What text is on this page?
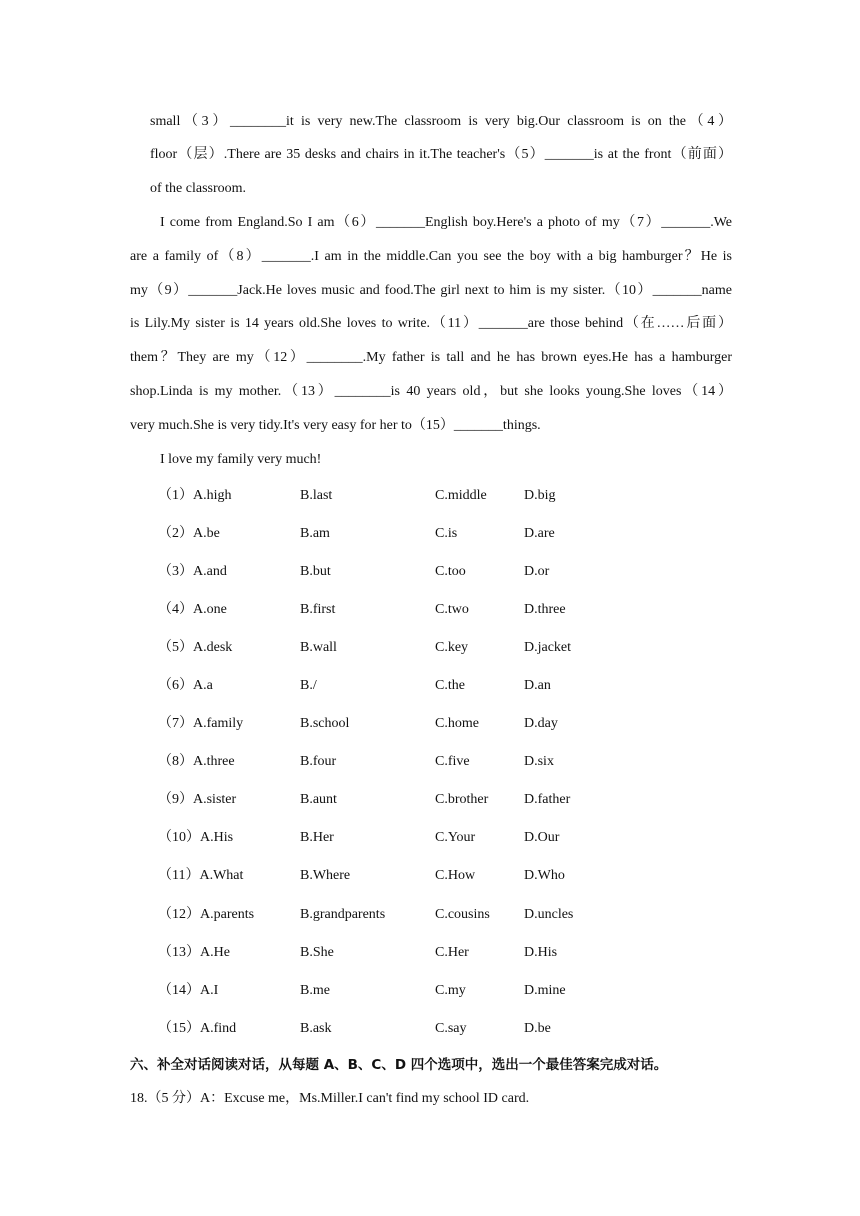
small（3）________it is very new.The classroom is very big.Our classroom is on the（4）
floor（层）.There are 35 desks and chairs in it.The teacher's（5）_______is at the front（前面）
of the classroom.
I come from England.So I am（6）_______English boy.Here's a photo of my（7）_______.We
are a family of（8）_______.I am in the middle.Can you see the boy with a big hamburger？He is
my（9）_______Jack.He loves music and food.The girl next to him is my sister.（10）_______name
is Lily.My sister is 14 years old.She loves to write.（11）_______are those behind（在……后面）
them？They are my（12）________.My father is tall and he has brown eyes.He has a hamburger
shop.Linda is my mother.（13）________is 40 years old，but she looks young.She loves（14）
very much.She is very tidy.It's very easy for her to（15）_______things.
I love my family very much!
（1）A.high	B.last	C.middle	D.big
（2）A.be	B.am	C.is	D.are
（3）A.and	B.but	C.too	D.or
（4）A.one	B.first	C.two	D.three
（5）A.desk	B.wall	C.key	D.jacket
（6）A.a	B./	C.the	D.an
（7）A.family	B.school	C.home	D.day
（8）A.three	B.four	C.five	D.six
（9）A.sister	B.aunt	C.brother	D.father
（10）A.His	B.Her	C.Your	D.Our
（11）A.What	B.Where	C.How	D.Who
（12）A.parents	B.grandparents	C.cousins D.uncles
（13）A.He	B.She	C.Her	D.His
（14）A.I	B.me	C.my	D.mine
（15）A.find	B.ask	C.say	D.be
六、补全对话阅读对话，从每题 A、B、C、D 四个选项中，选出一个最佳答案完成对话。
18.（5 分）A：Excuse me，Ms.Miller.I can't find my school ID card.
